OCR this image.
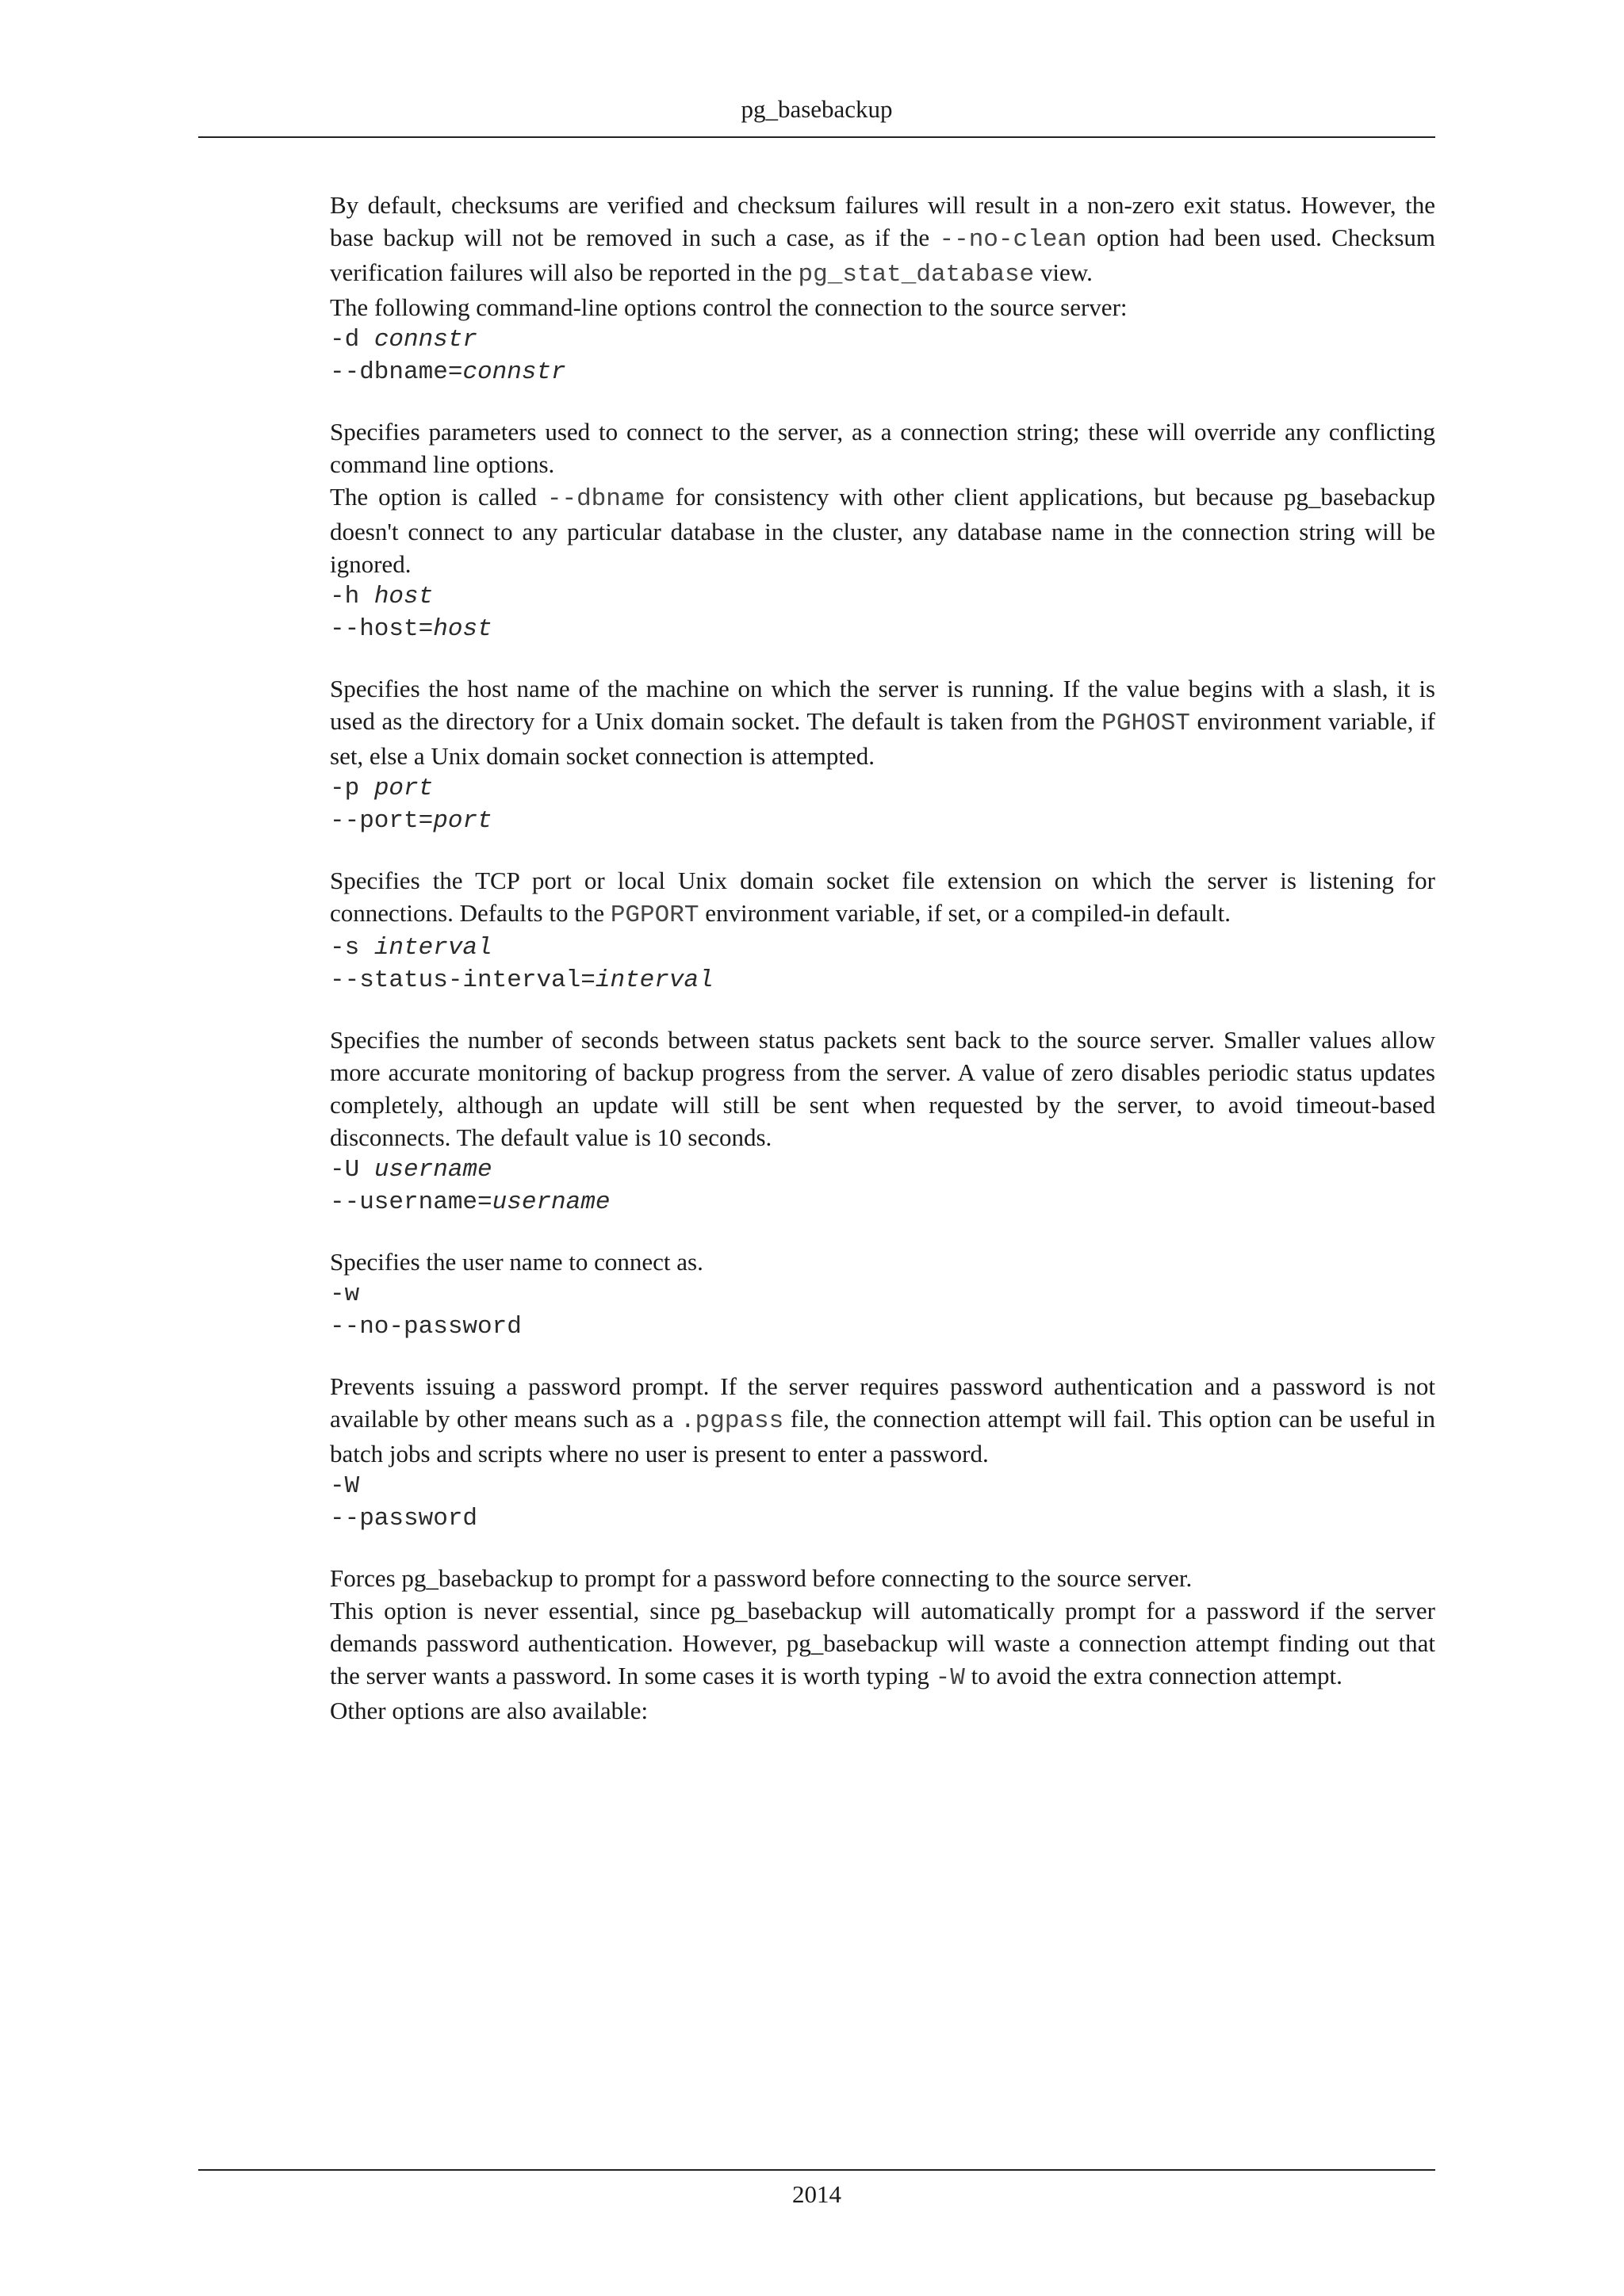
pg_basebackup

By default, checksums are verified and checksum failures will result in a non-zero exit status. However, the base backup will not be removed in such a case, as if the --no-clean option had been used. Checksum verification failures will also be reported in the pg_stat_database view.

The following command-line options control the connection to the source server:

-d connstr
--dbname=connstr

Specifies parameters used to connect to the server, as a connection string; these will override any conflicting command line options.

The option is called --dbname for consistency with other client applications, but because pg_basebackup doesn't connect to any particular database in the cluster, any database name in the connection string will be ignored.

-h host
--host=host

Specifies the host name of the machine on which the server is running. If the value begins with a slash, it is used as the directory for a Unix domain socket. The default is taken from the PGHOST environment variable, if set, else a Unix domain socket connection is attempted.

-p port
--port=port

Specifies the TCP port or local Unix domain socket file extension on which the server is listening for connections. Defaults to the PGPORT environment variable, if set, or a compiled-in default.

-s interval
--status-interval=interval

Specifies the number of seconds between status packets sent back to the source server. Smaller values allow more accurate monitoring of backup progress from the server. A value of zero disables periodic status updates completely, although an update will still be sent when requested by the server, to avoid timeout-based disconnects. The default value is 10 seconds.

-U username
--username=username

Specifies the user name to connect as.

-w
--no-password

Prevents issuing a password prompt. If the server requires password authentication and a password is not available by other means such as a .pgpass file, the connection attempt will fail. This option can be useful in batch jobs and scripts where no user is present to enter a password.

-W
--password

Forces pg_basebackup to prompt for a password before connecting to the source server.

This option is never essential, since pg_basebackup will automatically prompt for a password if the server demands password authentication. However, pg_basebackup will waste a connection attempt finding out that the server wants a password. In some cases it is worth typing -W to avoid the extra connection attempt.

Other options are also available:

2014
